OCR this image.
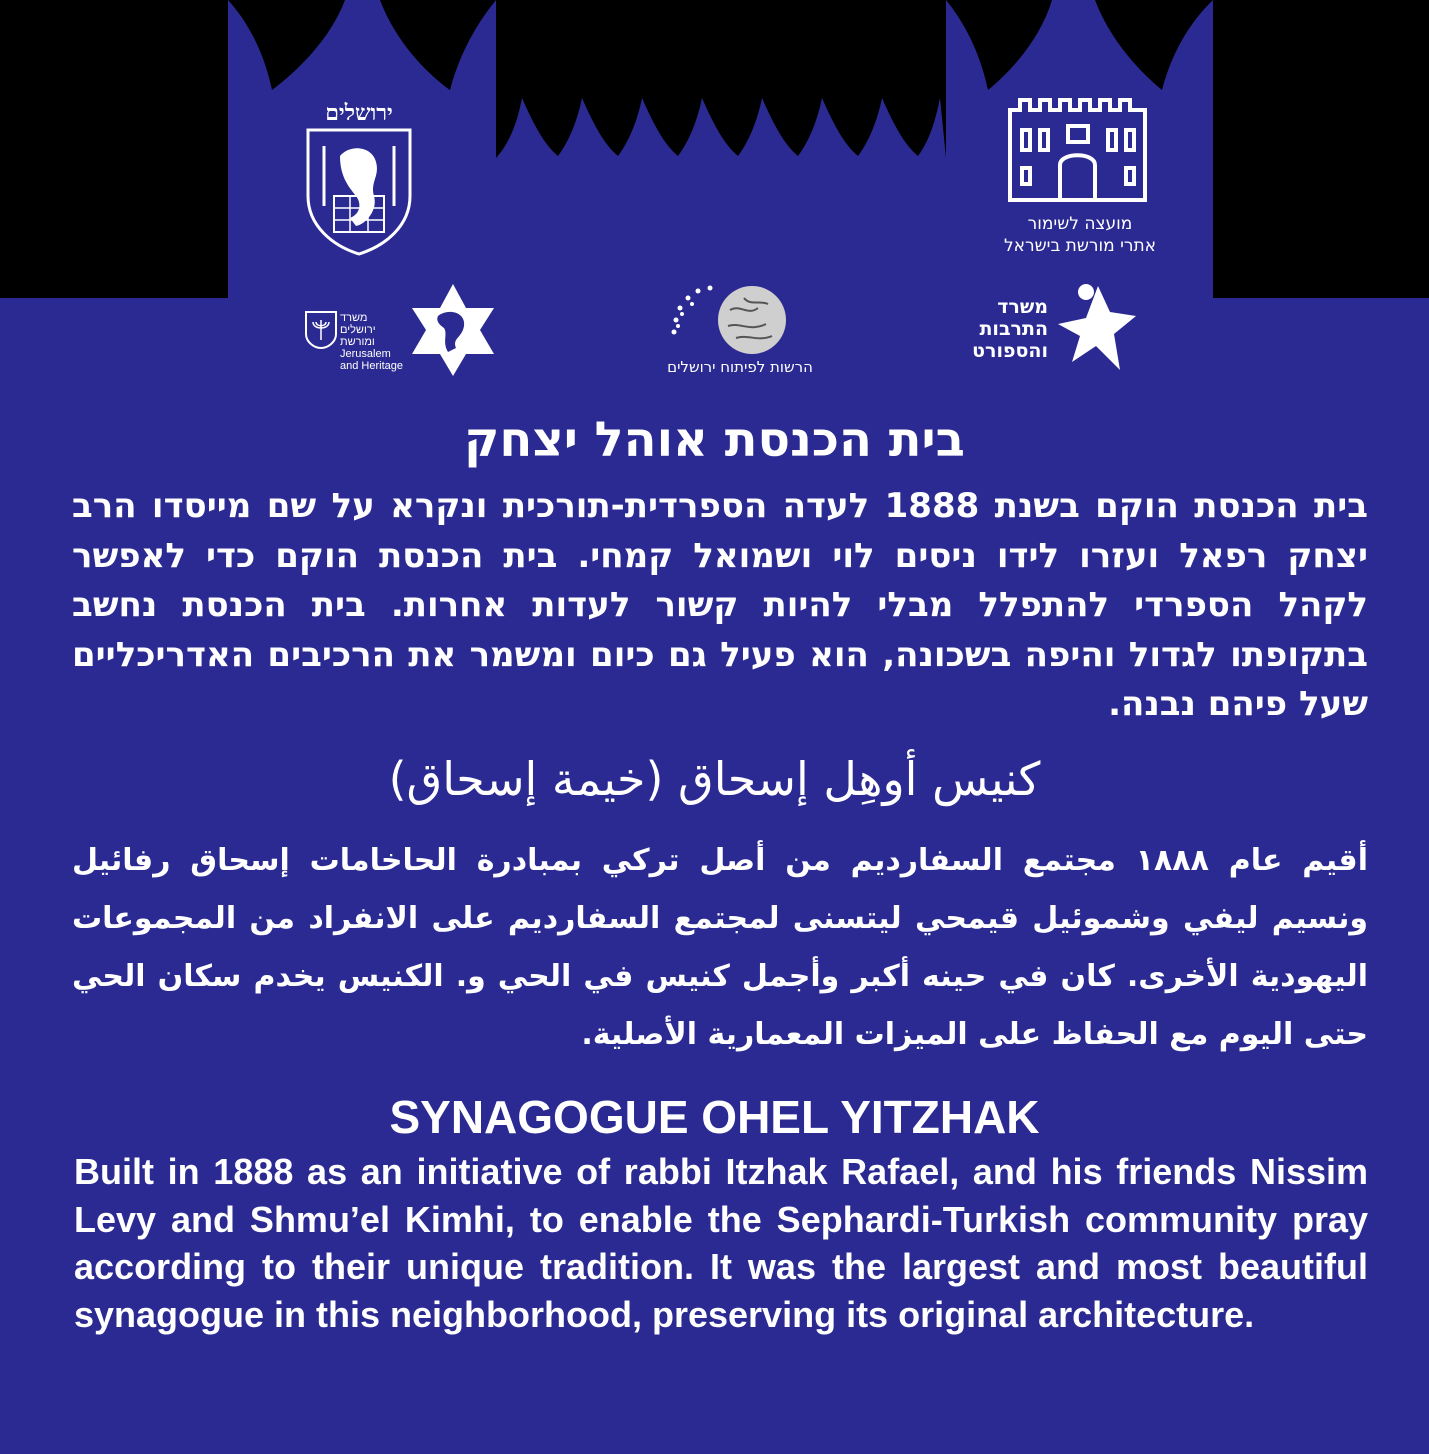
ירושלים
מועצה לשימור
אתרי מורשת בישראל
משרד ירושלים
ומורשת Jerusalem
and Heritage	הרשות לפיתוח ירושלים
משרד
התרבות
והספורט
בית הכנסת אוהל יצחק
בית הכנסת הוקם בשנת 1888 לעדה הספרדית-תורכית ונקרא על שם מייסדו הרב יצחק רפאל ועזרו לידו ניסים לוי ושמואל קמחי. בית הכנסת הוקם כדי לאפשר לקהל הספרדי להתפלל מבלי להיות קשור לעדות אחרות. בית הכנסת נחשב בתקופתו לגדול והיפה בשכונה, הוא פעיל גם כיום ומשמר את הרכיבים האדריכליים שעל פיהם נבנה.
كنيس أوهِل إسحاق (خيمة إسحاق)
أقيم عام ١٨٨٨ مجتمع السفارديم من أصل تركي بمبادرة الحاخامات إسحاق رفائيل ونسيم ليفي وشموئيل قيمحي ليتسنى لمجتمع السفارديم على الانفراد من المجموعات اليهودية الأخرى. كان في حينه أكبر وأجمل كنيس في الحي و. الكنيس يخدم سكان الحي حتى اليوم مع الحفاظ على الميزات المعمارية الأصلية.
SYNAGOGUE OHEL YITZHAK
Built in 1888 as an initiative of rabbi Itzhak Rafael, and his friends Nissim Levy and Shmu’el Kimhi, to enable the Sephardi-Turkish community pray according to their unique tradition. It was the largest and most beautiful synagogue in this neighborhood, preserving its original architecture.
